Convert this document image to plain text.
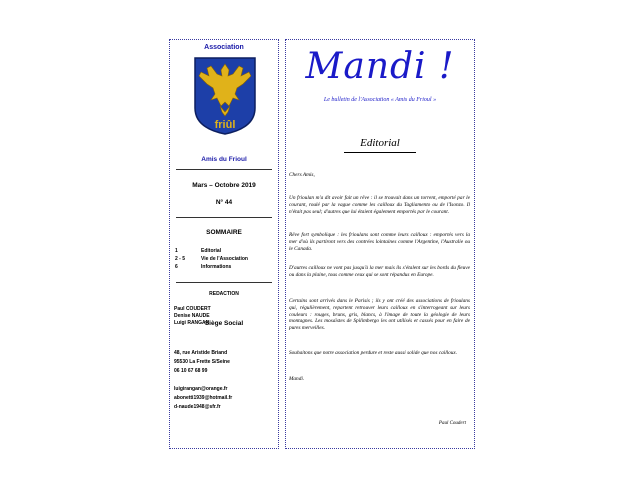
Association
friûl
Amis du Frioul
Mars – Octobre 2019
N° 44
SOMMAIRE
1	Editorial
2 - 5	Vie de l'Association
6	Informations
REDACTION
Paul COUDERT
Denise NAUDE
Luigi RANGAN
Siège Social
48, rue Aristide Briand
95530 La Frette S/Seine
06 10 67 68 99
luigirangan@orange.fr
abonetti1939@hotmail.fr
d-naude1948@sfr.fr
Mandi !
Le bulletin de l'Association « Amis du Frioul »
Editorial
Chers Amis,
Un frioulan m'a dit avoir fait un rêve : il se trouvait dans un torrent, emporté par le courant, roulé par la vague comme les cailloux du Tagliamento ou de l'Isonzo. Il n'était pas seul; d'autres que lui étaient également emportés par le courant.
Rêve fort symbolique : les frioulans sont comme leurs cailloux : emportés vers la mer d'où ils partiront vers des contrées lointaines comme l'Argentine, l'Australie ou le Canada.
D'autres cailloux ne vont pas jusqu'à la mer mais ils s'étalent sur les bords du fleuve ou dans la plaine, tous comme ceux qui se sont répandus en Europe.
Certains sont arrivés dans le Parisis ; ils y ont créé des associations de frioulans qui, régulièrement, repartent retrouver leurs cailloux en s'interrogeant sur leurs couleurs : rouges, bruns, gris, blancs, à l'image de toute la géologie de leurs montagnes. Les mosaïstes de Spilimbergo les ont utilisés et cassés pour en faire de pures merveilles.
Souhaitons que notre association perdure et reste aussi solide que nos cailloux.
Mandi.
Paul Coudert
